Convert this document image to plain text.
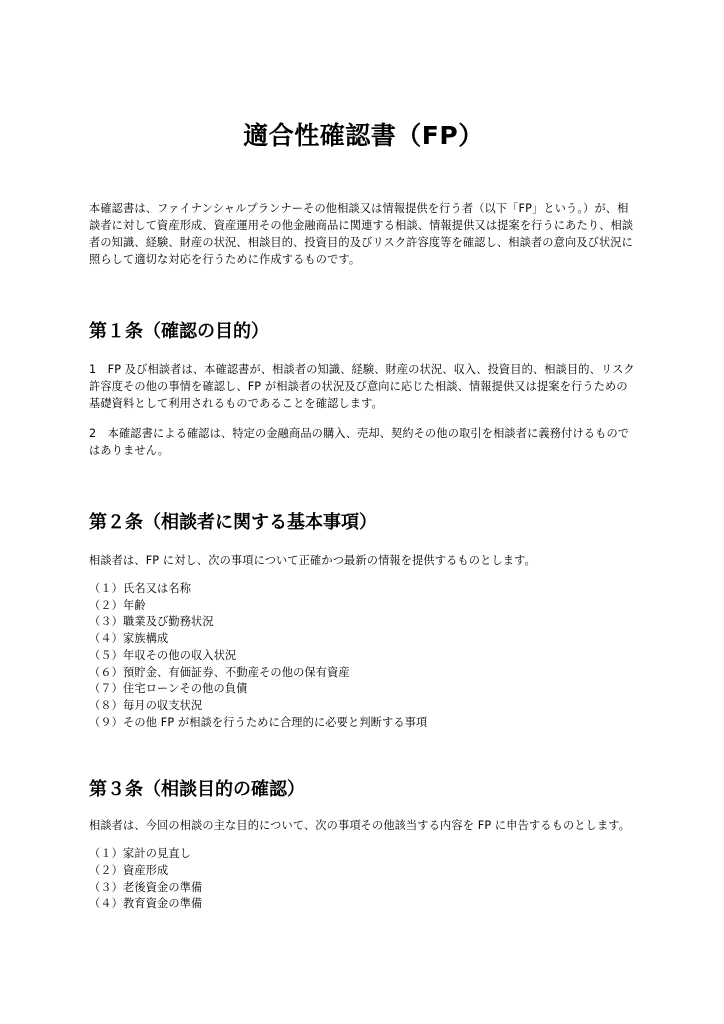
適合性確認書（FP）

本確認書は、ファイナンシャルプランナーその他相談又は情報提供を行う者（以下「FP」という。）が、相談者に対して資産形成、資産運用その他金融商品に関連する相談、情報提供又は提案を行うにあたり、相談者の知識、経験、財産の状況、相談目的、投資目的及びリスク許容度等を確認し、相談者の意向及び状況に照らして適切な対応を行うために作成するものです。

第１条（確認の目的）

1　FP 及び相談者は、本確認書が、相談者の知識、経験、財産の状況、収入、投資目的、相談目的、リスク許容度その他の事情を確認し、FP が相談者の状況及び意向に応じた相談、情報提供又は提案を行うための基礎資料として利用されるものであることを確認します。

2　本確認書による確認は、特定の金融商品の購入、売却、契約その他の取引を相談者に義務付けるものではありません。

第２条（相談者に関する基本事項）

相談者は、FP に対し、次の事項について正確かつ最新の情報を提供するものとします。

（１）氏名又は名称
（２）年齢
（３）職業及び勤務状況
（４）家族構成
（５）年収その他の収入状況
（６）預貯金、有価証券、不動産その他の保有資産
（７）住宅ローンその他の負債
（８）毎月の収支状況
（９）その他 FP が相談を行うために合理的に必要と判断する事項
第３条（相談目的の確認）

相談者は、今回の相談の主な目的について、次の事項その他該当する内容を FP に申告するものとします。

（１）家計の見直し
（２）資産形成
（３）老後資金の準備
（４）教育資金の準備
